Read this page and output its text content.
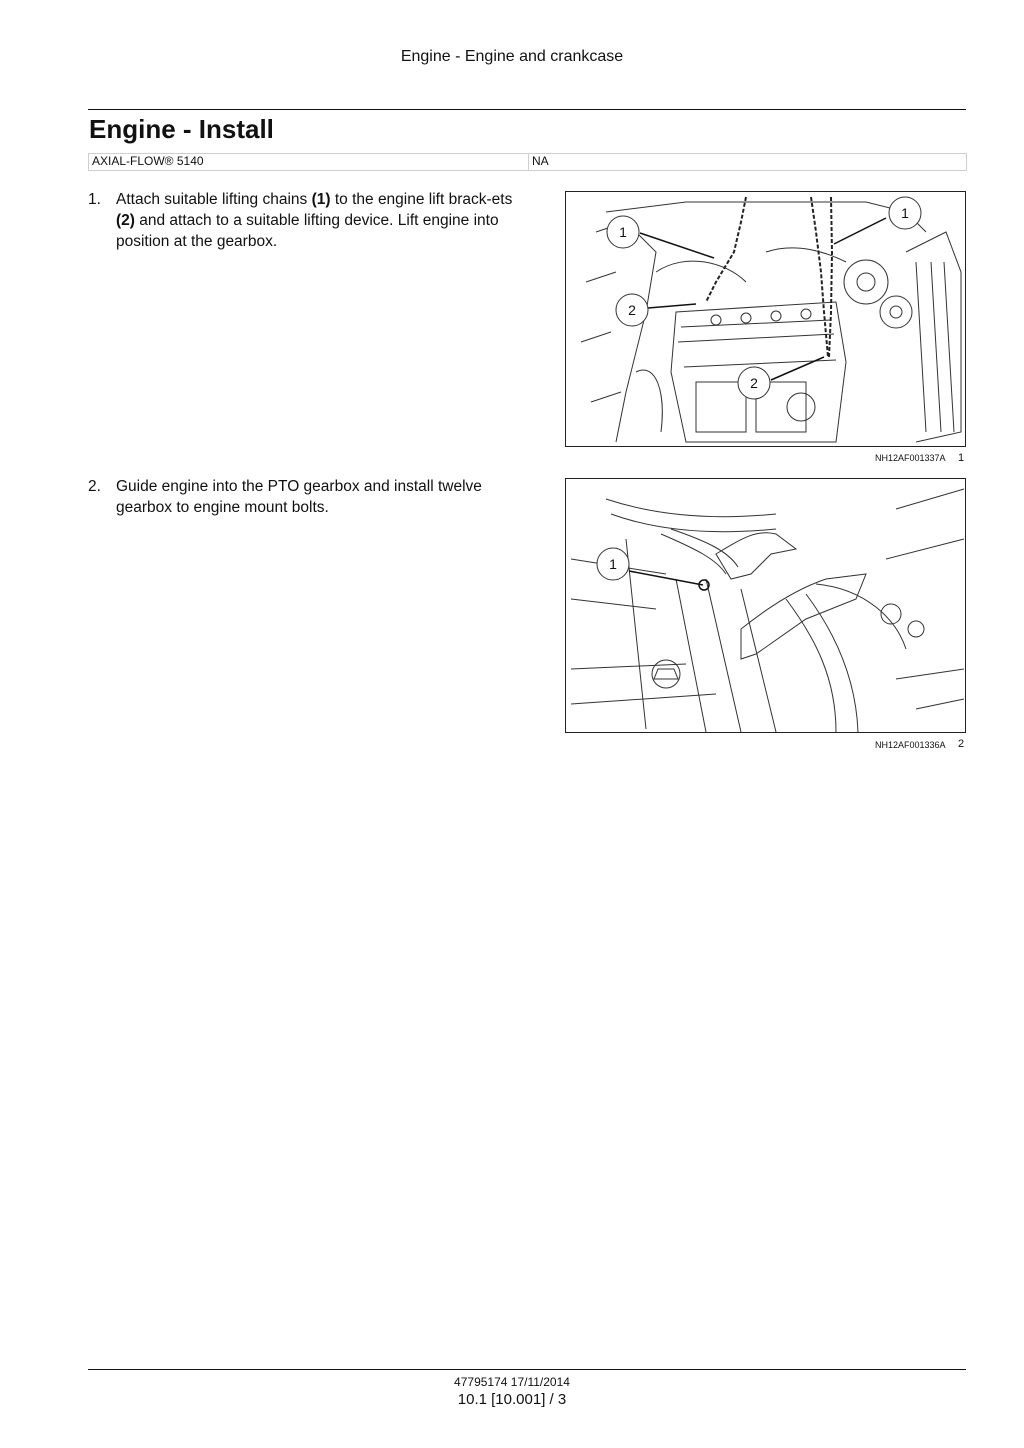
Engine - Engine and crankcase
Engine - Install
AXIAL-FLOW® 5140	NA
1. Attach suitable lifting chains (1) to the engine lift brack-ets (2) and attach to a suitable lifting device. Lift engine into position at the gearbox.
1
1
2
2
NH12AF001337A 1
2. Guide engine into the PTO gearbox and install twelve gearbox to engine mount bolts.
1
NH12AF001336A 2
47795174 17/11/2014
10.1 [10.001] / 3
